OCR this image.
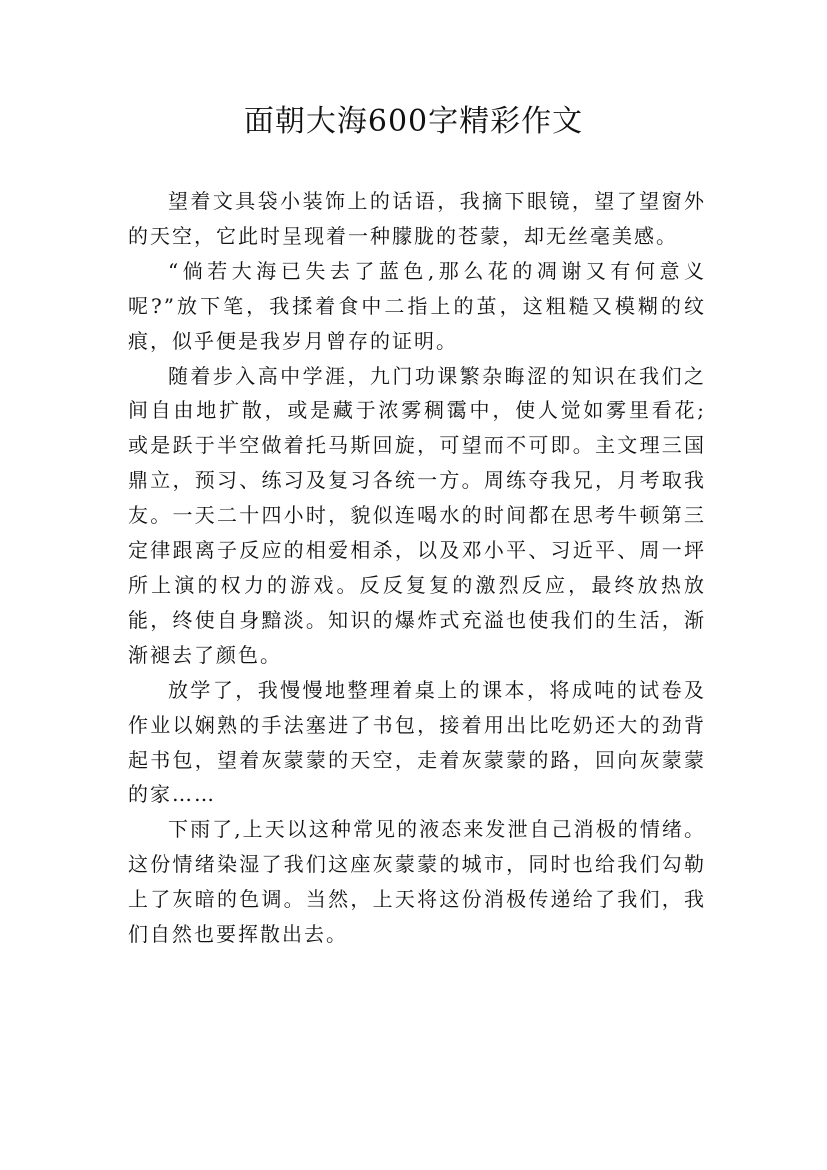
面朝大海600字精彩作文

望着文具袋小装饰上的话语，我摘下眼镜，望了望窗外的天空，它此时呈现着一种朦胧的苍蒙，却无丝毫美感。

“倘若大海已失去了蓝色,那么花的凋谢又有何意义呢?”放下笔，我揉着食中二指上的茧，这粗糙又模糊的纹痕，似乎便是我岁月曾存的证明。

随着步入高中学涯，九门功课繁杂晦涩的知识在我们之间自由地扩散，或是藏于浓雾稠霭中，使人觉如雾里看花;或是跃于半空做着托马斯回旋，可望而不可即。主文理三国鼎立，预习、练习及复习各统一方。周练夺我兄，月考取我友。一天二十四小时，貌似连喝水的时间都在思考牛顿第三定律跟离子反应的相爱相杀，以及邓小平、习近平、周一坪所上演的权力的游戏。反反复复的激烈反应，最终放热放能，终使自身黯淡。知识的爆炸式充溢也使我们的生活，渐渐褪去了颜色。

放学了，我慢慢地整理着桌上的课本，将成吨的试卷及作业以娴熟的手法塞进了书包，接着用出比吃奶还大的劲背起书包，望着灰蒙蒙的天空，走着灰蒙蒙的路，回向灰蒙蒙的家……

下雨了,上天以这种常见的液态来发泄自己消极的情绪。这份情绪染湿了我们这座灰蒙蒙的城市，同时也给我们勾勒上了灰暗的色调。当然，上天将这份消极传递给了我们，我们自然也要挥散出去。
